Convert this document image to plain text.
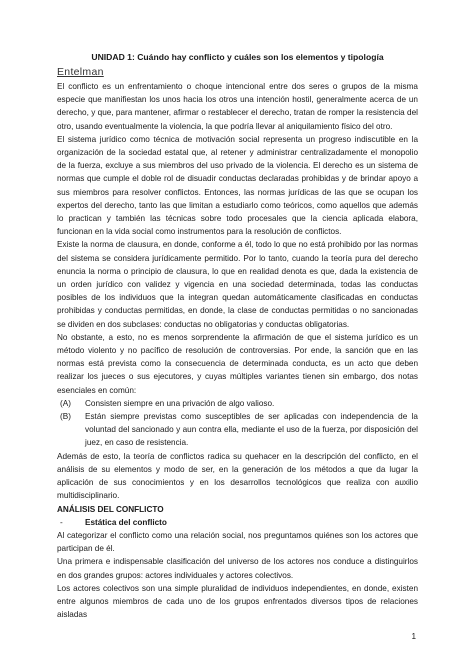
UNIDAD 1: Cuándo hay conflicto y cuáles son los elementos y tipología
Entelman

El conflicto es un enfrentamiento o choque intencional entre dos seres o grupos de la misma especie que manifiestan los unos hacia los otros una intención hostil, generalmente acerca de un derecho, y que, para mantener, afirmar o restablecer el derecho, tratan de romper la resistencia del otro, usando eventualmente la violencia, la que podría llevar al aniquilamiento físico del otro.

El sistema jurídico como técnica de motivación social representa un progreso indiscutible en la organización de la sociedad estatal que, al retener y administrar centralizadamente el monopolio de la fuerza, excluye a sus miembros del uso privado de la violencia. El derecho es un sistema de normas que cumple el doble rol de disuadir conductas declaradas prohibidas y de brindar apoyo a sus miembros para resolver conflictos. Entonces, las normas jurídicas de las que se ocupan los expertos del derecho, tanto las que limitan a estudiarlo como teóricos, como aquellos que además lo practican y también las técnicas sobre todo procesales que la ciencia aplicada elabora, funcionan en la vida social como instrumentos para la resolución de conflictos.

Existe la norma de clausura, en donde, conforme a él, todo lo que no está prohibido por las normas del sistema se considera jurídicamente permitido. Por lo tanto, cuando la teoría pura del derecho enuncia la norma o principio de clausura, lo que en realidad denota es que, dada la existencia de un orden jurídico con validez y vigencia en una sociedad determinada, todas las conductas posibles de los individuos que la integran quedan automáticamente clasificadas en conductas prohibidas y conductas permitidas, en donde, la clase de conductas permitidas o no sancionadas se dividen en dos subclases: conductas no obligatorias y conductas obligatorias.

No obstante, a esto, no es menos sorprendente la afirmación de que el sistema jurídico es un método violento y no pacífico de resolución de controversias. Por ende, la sanción que en las normas está prevista como la consecuencia de determinada conducta, es un acto que deben realizar los jueces o sus ejecutores, y cuyas múltiples variantes tienen sin embargo, dos notas esenciales en común:

(A)	Consisten siempre en una privación de algo valioso.
(B)	Están siempre previstas como susceptibles de ser aplicadas con independencia de la voluntad del sancionado y aun contra ella, mediante el uso de la fuerza, por disposición del juez, en caso de resistencia.

Además de esto, la teoría de conflictos radica su quehacer en la descripción del conflicto, en el análisis de su elementos y modo de ser, en la generación de los métodos a que da lugar la aplicación de sus conocimientos y en los desarrollos tecnológicos que realiza con auxilio multidisciplinario.

ANÁLISIS DEL CONFLICTO
-	Estática del conflicto

Al categorizar el conflicto como una relación social, nos preguntamos quiénes son los actores que participan de él.

Una primera e indispensable clasificación del universo de los actores nos conduce a distinguirlos en dos grandes grupos: actores individuales y actores colectivos.

Los actores colectivos son una simple pluralidad de individuos independientes, en donde, existen entre algunos miembros de cada uno de los grupos enfrentados diversos tipos de relaciones aisladas

1
